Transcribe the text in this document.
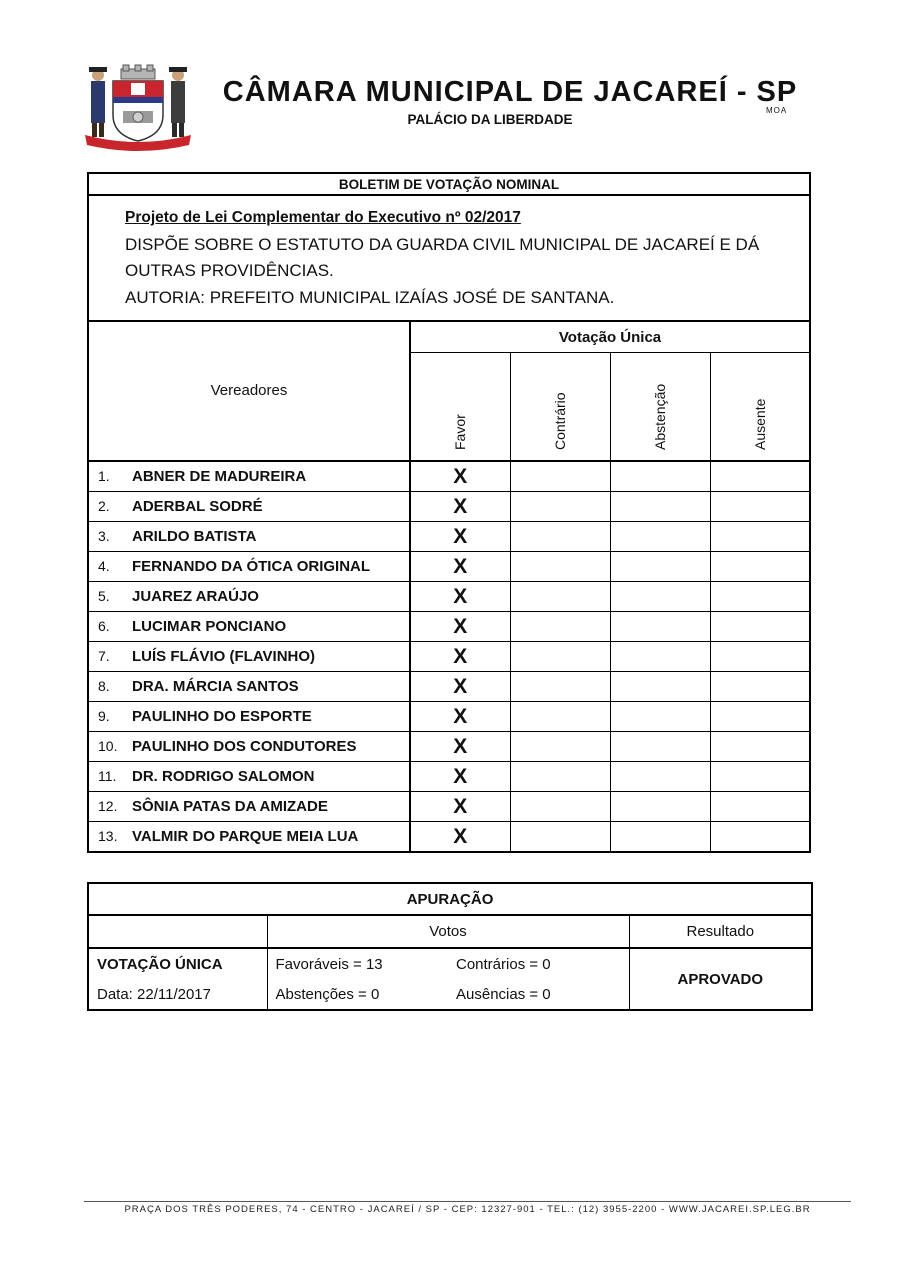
CÂMARA MUNICIPAL DE JACAREÍ - SP
PALÁCIO DA LIBERDADE
MOA
BOLETIM DE VOTAÇÃO NOMINAL				

Projeto de Lei Complementar do Executivo nº 02/2017
DISPÕE SOBRE O ESTATUTO DA GUARDA CIVIL MUNICIPAL DE JACAREÍ E DÁ OUTRAS PROVIDÊNCIAS.
AUTORIA: PREFEITO MUNICIPAL IZAÍAS JOSÉ DE SANTANA.				

Vereadores	Votação Única			

	Favor	Contrário	Abstenção	Ausente

1. ABNER DE MADUREIRA	X			
2. ADERBAL SODRÉ	X			
3. ARILDO BATISTA	X			
4. FERNANDO DA ÓTICA ORIGINAL	X			
5. JUAREZ ARAÚJO	X			
6. LUCIMAR PONCIANO	X			
7. LUÍS FLÁVIO (FLAVINHO)	X			
8. DRA. MÁRCIA SANTOS	X			
9. PAULINHO DO ESPORTE	X			
10. PAULINHO DOS CONDUTORES	X			
11. DR. RODRIGO SALOMON	X			
12. SÔNIA PATAS DA AMIZADE	X			
13. VALMIR DO PARQUE MEIA LUA	X			
APURAÇÃO			
	Votos		Resultado
VOTAÇÃO ÚNICA	Favoráveis = 13	Contrários = 0	APROVADO
Data: 22/11/2017	Abstenções = 0	Ausências = 0	
PRAÇA DOS TRÊS PODERES, 74 - CENTRO - JACAREÍ / SP - CEP: 12327-901 - TEL.: (12) 3955-2200 - WWW.JACAREI.SP.LEG.BR
